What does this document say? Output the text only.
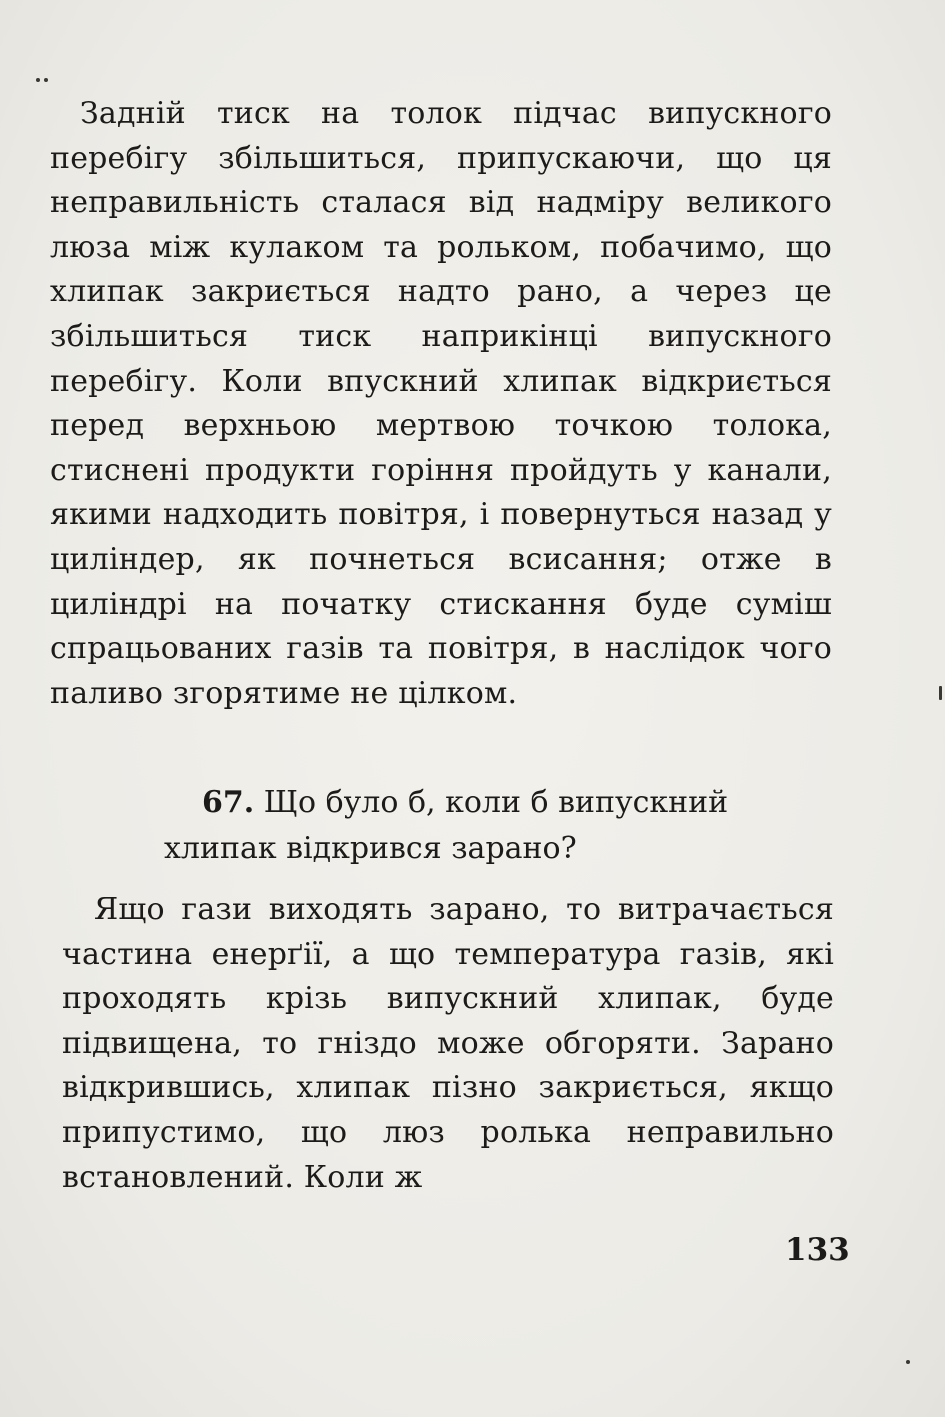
Задній тиск на толок підчас випускного перебігу збільшиться, припускаючи, що ця неправильність сталася від надміру великого люза між кулаком та рольком, побачимо, що хлипак закриється надто рано, а через це збільшиться тиск наприкінці випускного перебігу. Коли впускний хлипак відкриється перед верхньою мертвою точкою толока, стиснені продукти горіння пройдуть у канали, якими надходить повітря, і повернуться назад у циліндер, як почнеться всисання; отже в циліндрі на початку стискання буде суміш спрацьованих газів та повітря, в наслідок чого паливо згорятиме не цілком.

67. Що було б, коли б випускний хлипак відкрився зарано?

Ящо гази виходять зарано, то витрачається частина енерґії, а що температура газів, які проходять крізь випускний хлипак, буде підвищена, то гніздо може обгоряти. Зарано відкрившись, хлипак пізно закриється, якщо припустимо, що люз ролька неправильно встановлений. Коли ж

133
